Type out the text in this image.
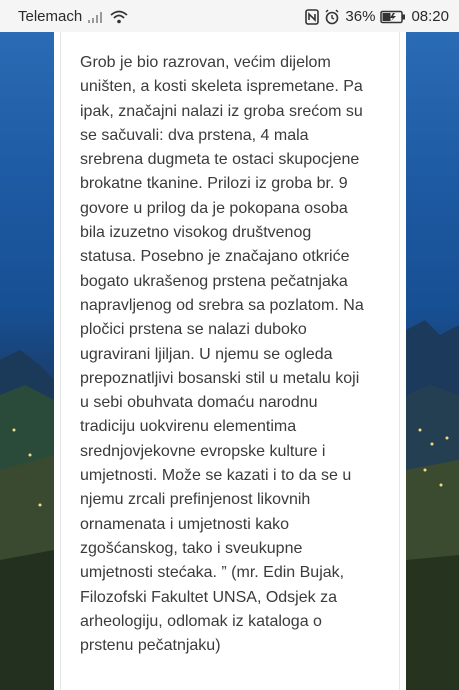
Telemach	36% 08:20
Grob je bio razrovan, većim dijelom
uništen, a kosti skeleta ispremetane. Pa
ipak, značajni nalazi iz groba srećom su
se sačuvali: dva prstena, 4 mala
srebrena dugmeta te ostaci skupocjene
brokatne tkanine. Prilozi iz groba br. 9
govore u prilog da je pokopana osoba
bila izuzetno visokog društvenog
statusa. Posebno je značajano otkriće
bogato ukrašenog prstena pečatnjaka
napravljenog od srebra sa pozlatom. Na
pločici prstena se nalazi duboko
ugravirani ljiljan. U njemu se ogleda
prepoznatljivi bosanski stil u metalu koji
u sebi obuhvata domaću narodnu
tradiciju uokvirenu elementima
srednjovjekovne evropske kulture i
umjetnosti. Može se kazati i to da se u
njemu zrcali prefinjenost likovnih
ornamenata i umjetnosti kako
zgošćanskog, tako i sveukupne
umjetnosti stećaka. ” (mr. Edin Bujak,
Filozofski Fakultet UNSA, Odsjek za
arheologiju, odlomak iz kataloga o
prstenu pečatnjaku)
